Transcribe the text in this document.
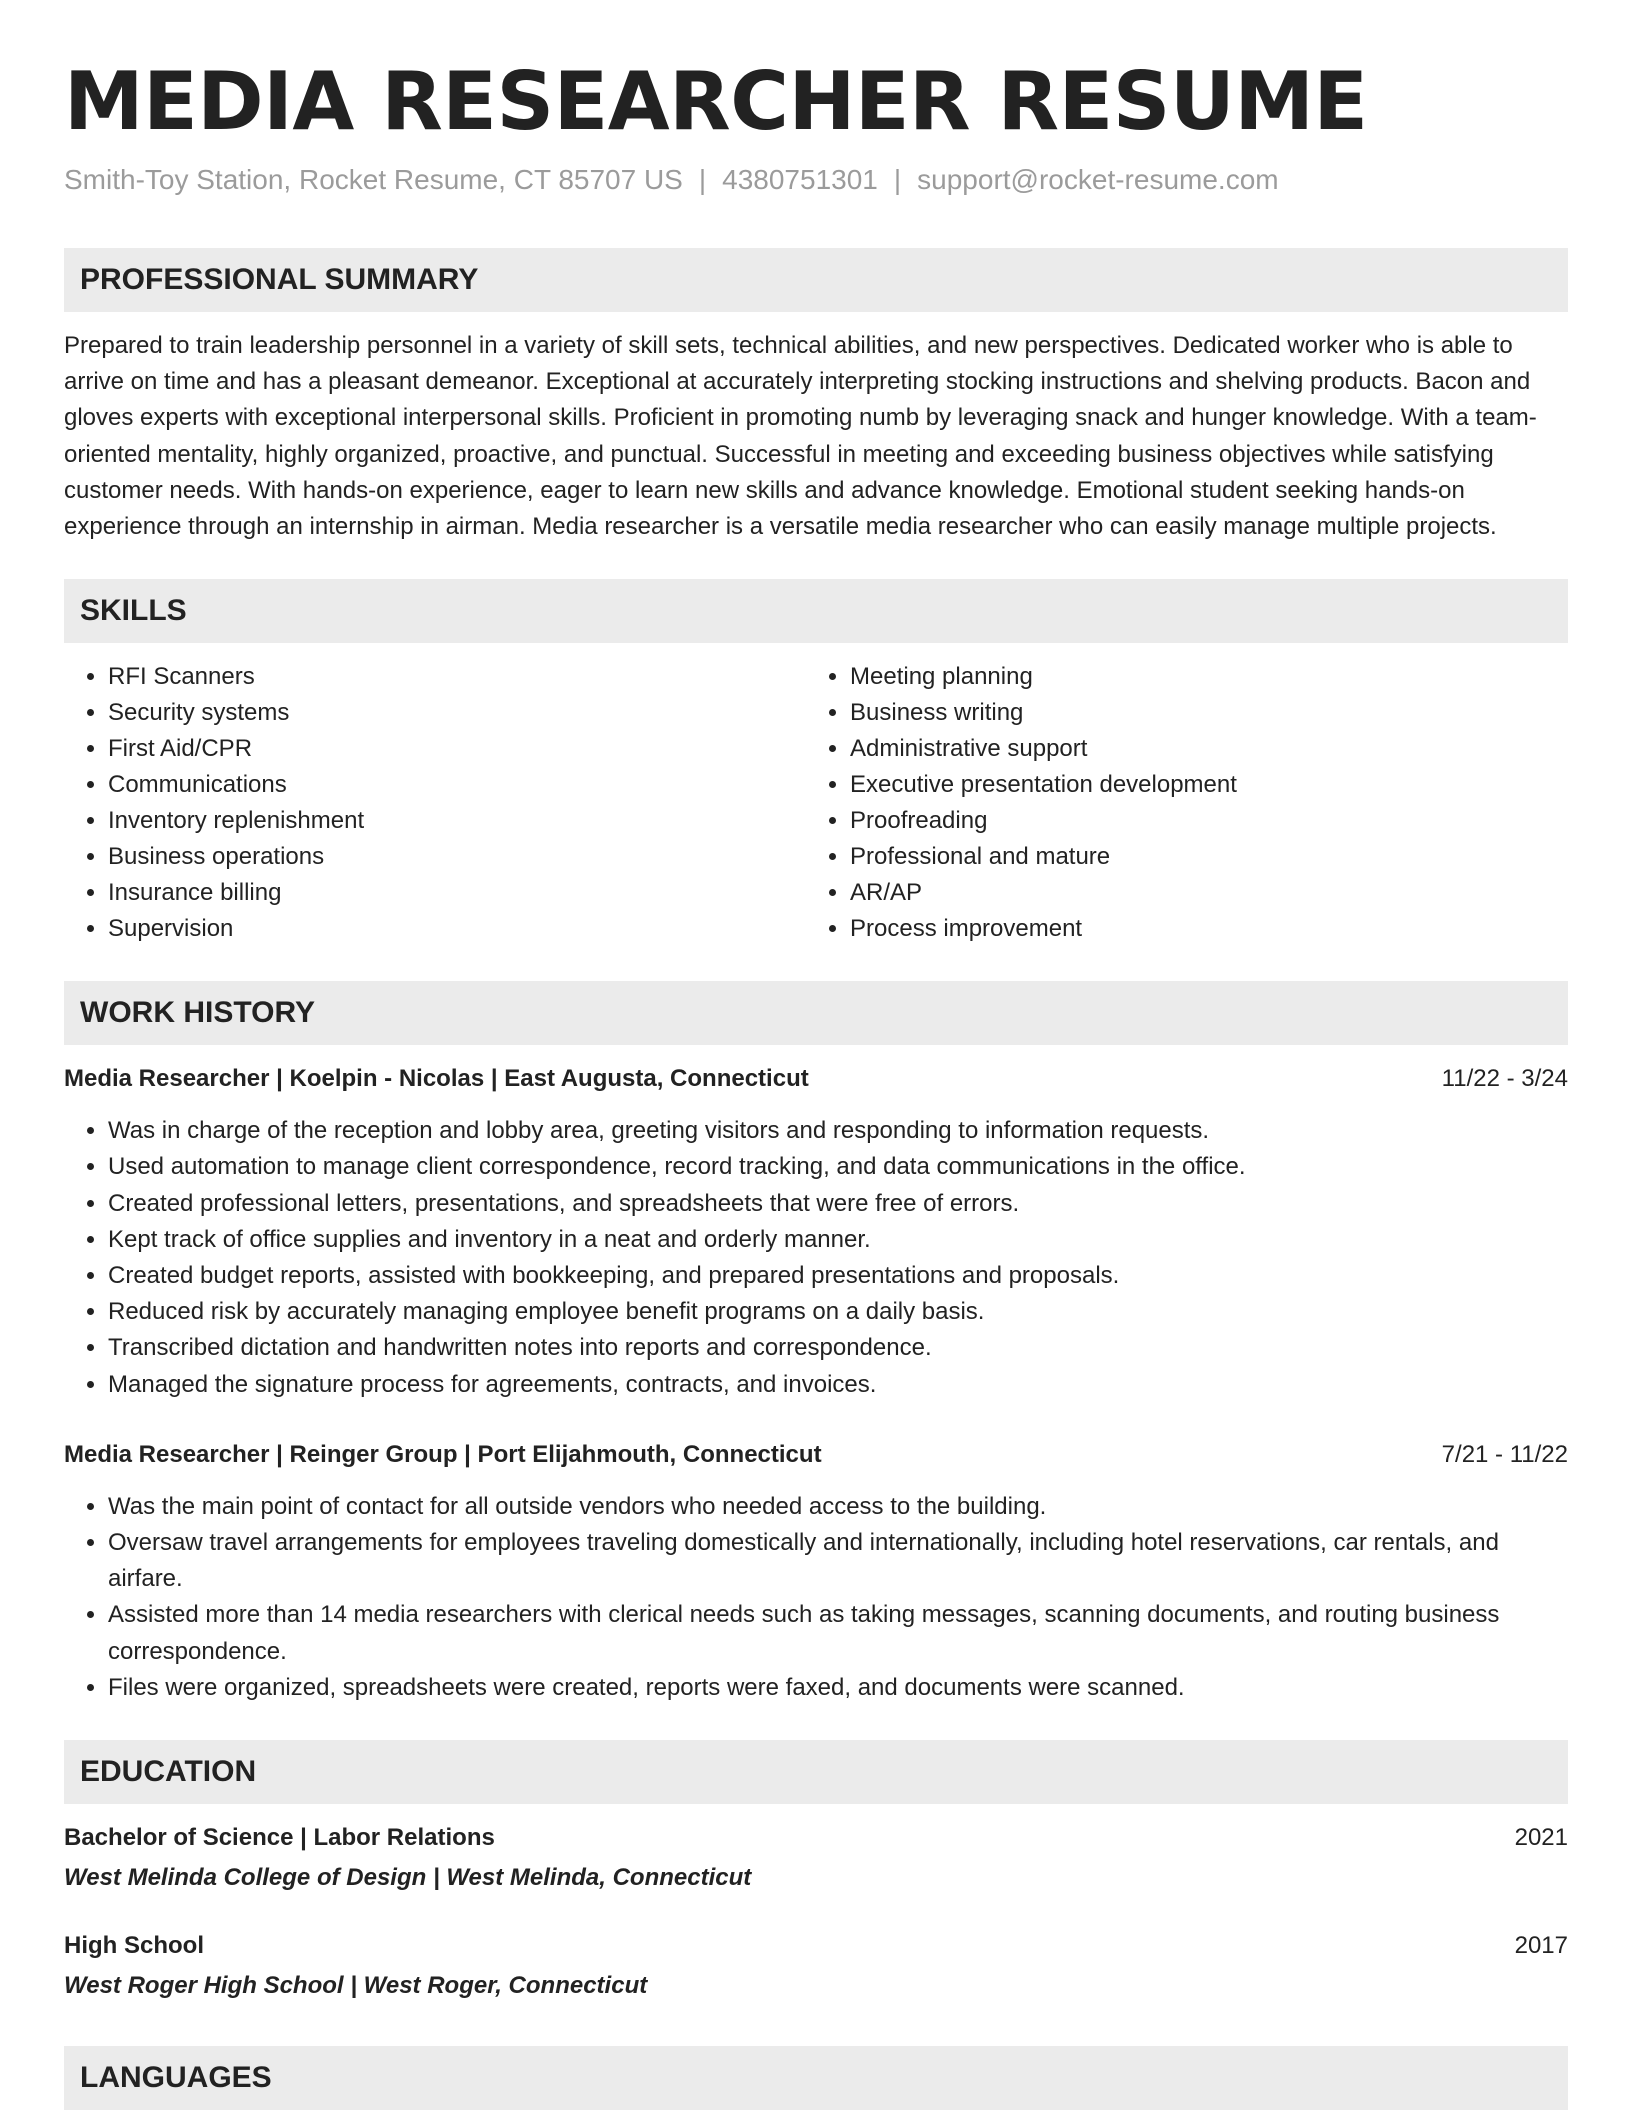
MEDIA RESEARCHER RESUME
Smith-Toy Station, Rocket Resume, CT 85707 US | 4380751301 | support@rocket-resume.com
PROFESSIONAL SUMMARY

Prepared to train leadership personnel in a variety of skill sets, technical abilities, and new perspectives. Dedicated worker who is able to arrive on time and has a pleasant demeanor. Exceptional at accurately interpreting stocking instructions and shelving products. Bacon and gloves experts with exceptional interpersonal skills. Proficient in promoting numb by leveraging snack and hunger knowledge. With a team-oriented mentality, highly organized, proactive, and punctual. Successful in meeting and exceeding business objectives while satisfying customer needs. With hands-on experience, eager to learn new skills and advance knowledge. Emotional student seeking hands-on experience through an internship in airman. Media researcher is a versatile media researcher who can easily manage multiple projects.

SKILLS
• RFI Scanners
• Security systems
• First Aid/CPR
• Communications
• Inventory replenishment
• Business operations
• Insurance billing
• Supervision
• Meeting planning
• Business writing
• Administrative support
• Executive presentation development
• Proofreading
• Professional and mature
• AR/AP
• Process improvement
WORK HISTORY
Media Researcher | Koelpin - Nicolas | East Augusta, Connecticut	11/22 - 3/24
• Was in charge of the reception and lobby area, greeting visitors and responding to information requests.
• Used automation to manage client correspondence, record tracking, and data communications in the office.
• Created professional letters, presentations, and spreadsheets that were free of errors.
• Kept track of office supplies and inventory in a neat and orderly manner.
• Created budget reports, assisted with bookkeeping, and prepared presentations and proposals.
• Reduced risk by accurately managing employee benefit programs on a daily basis.
• Transcribed dictation and handwritten notes into reports and correspondence.
• Managed the signature process for agreements, contracts, and invoices.
Media Researcher | Reinger Group | Port Elijahmouth, Connecticut	7/21 - 11/22
• Was the main point of contact for all outside vendors who needed access to the building.
• Oversaw travel arrangements for employees traveling domestically and internationally, including hotel reservations, car rentals, and airfare.
• Assisted more than 14 media researchers with clerical needs such as taking messages, scanning documents, and routing business correspondence.
• Files were organized, spreadsheets were created, reports were faxed, and documents were scanned.
EDUCATION
Bachelor of Science | Labor Relations	2021
West Melinda College of Design | West Melinda, Connecticut
High School	2017
West Roger High School | West Roger, Connecticut
LANGUAGES
